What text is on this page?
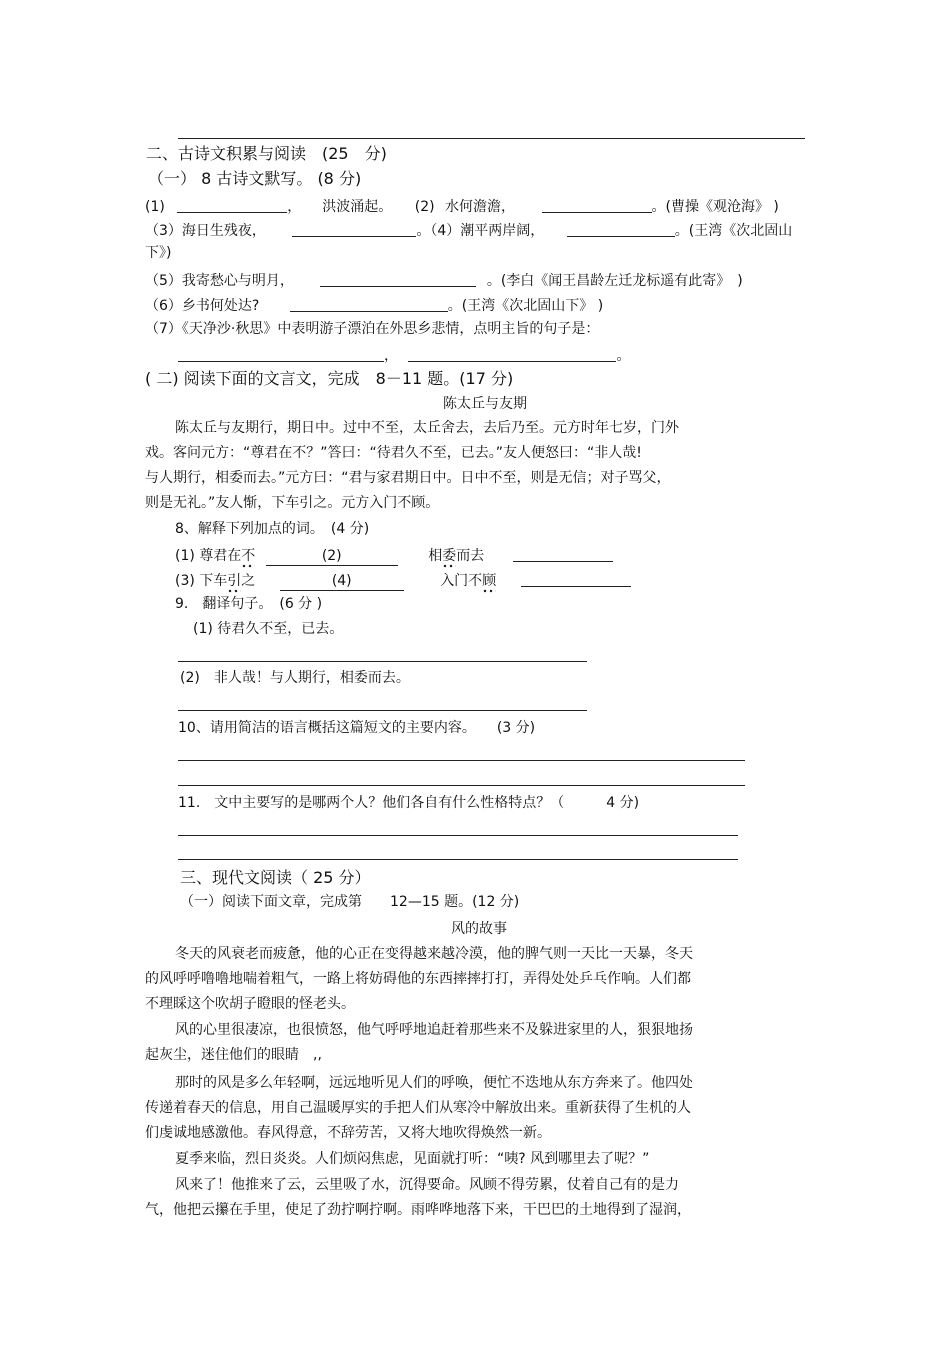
二、古诗文积累与阅读　(25　分)
（一） 8 古诗文默写。 (8 分)
(1)	，　　洪波涌起。 (2) 水何澹澹，	。(曹操《观沧海》 )
（3）海日生残夜，	。（4）潮平两岸阔，	。(王湾《次北固山
下》)
（5）我寄愁心与明月，	。(李白《闻王昌龄左迁龙标遥有此寄》　)
（6）乡书何处达?	。(王湾《次北固山下》 )
（7）《天净沙·秋思》中表明游子漂泊在外思乡悲情，点明主旨的句子是：
，	。
( 二) 阅读下面的文言文，完成　8－11 题。(17 分)
陈太丘与友期
陈太丘与友期行，期日中。过中不至，太丘舍去，去后乃至。元方时年七岁，门外
戏。客问元方：“尊君在不？”答曰：“待君久不至，已去。”友人便怒曰：“非人哉!
与人期行，相委而去。”元方曰：“君与家君期日中。日中不至，则是无信；对子骂父，
则是无礼。”友人惭，下车引之。元方入门不顾。
8、解释下列加点的词。　(4 分)
(1) 尊君在不	(2)	相委而去
(3) 下车引之	(4)	入门不顾
9.　翻译句子。　(6 分 )
(1) 待君久不至，已去。
(2)　非人哉！与人期行，相委而去。
10、请用简洁的语言概括这篇短文的主要内容。　　(3 分)
11.　文中主要写的是哪两个人？他们各自有什么性格特点？（　　　4 分)
三、现代文阅读（ 25 分）
（一）阅读下面文章，完成第　　12—15 题。(12 分)
风的故事
冬天的风衰老而疲惫，他的心正在变得越来越冷漠，他的脾气则一天比一天暴，冬天
的风呼呼噜噜地喘着粗气，一路上将妨碍他的东西摔摔打打，弄得处处乒乓作响。人们都
不理睬这个吹胡子瞪眼的怪老头。
风的心里很凄凉，也很愤怒，他气呼呼地追赶着那些来不及躲进家里的人，狠狠地扬
起灰尘，迷住他们的眼睛　,,
那时的风是多么年轻啊，远远地听见人们的呼唤，便忙不迭地从东方奔来了。他四处
传递着春天的信息，用自己温暖厚实的手把人们从寒冷中解放出来。重新获得了生机的人
们虔诚地感激他。春风得意，不辞劳苦，又将大地吹得焕然一新。
夏季来临，烈日炎炎。人们烦闷焦虑，见面就打听：“咦? 风到哪里去了呢？”
风来了！他推来了云，云里吸了水，沉得要命。风顾不得劳累，仗着自己有的是力
气，他把云攥在手里，使足了劲拧啊拧啊。雨哗哗地落下来，干巴巴的土地得到了湿润，
